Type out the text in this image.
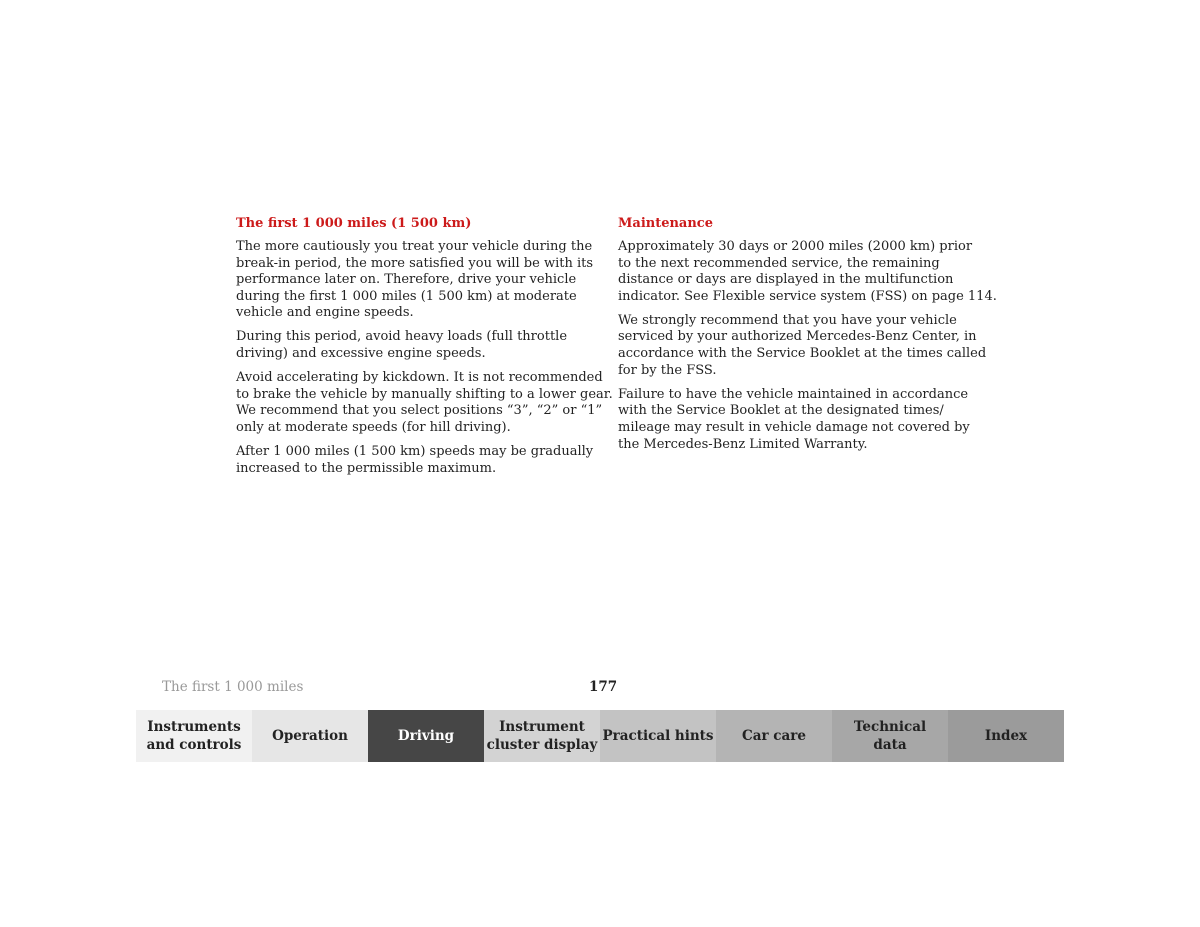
The first 1 000 miles (1 500 km)

The more cautiously you treat your vehicle during the
break-in period, the more satisfied you will be with its
performance later on. Therefore, drive your vehicle
during the first 1 000 miles (1 500 km) at moderate
vehicle and engine speeds.

During this period, avoid heavy loads (full throttle
driving) and excessive engine speeds.

Avoid accelerating by kickdown. It is not recommended
to brake the vehicle by manually shifting to a lower gear.
We recommend that you select positions “3”, “2” or “1”
only at moderate speeds (for hill driving).

After 1 000 miles (1 500 km) speeds may be gradually
increased to the permissible maximum.

Maintenance

Approximately 30 days or 2000 miles (2000 km) prior
to the next recommended service, the remaining
distance or days are displayed in the multifunction
indicator. See Flexible service system (FSS) on page 114.

We strongly recommend that you have your vehicle
serviced by your authorized Mercedes-Benz Center, in
accordance with the Service Booklet at the times called
for by the FSS.

Failure to have the vehicle maintained in accordance
with the Service Booklet at the designated times/
mileage may result in vehicle damage not covered by
the Mercedes-Benz Limited Warranty.

The first 1 000 miles	177
Instruments
and controls
Operation	Driving
Instrument
cluster display
Practical hints Car care
Technical
data
Index
